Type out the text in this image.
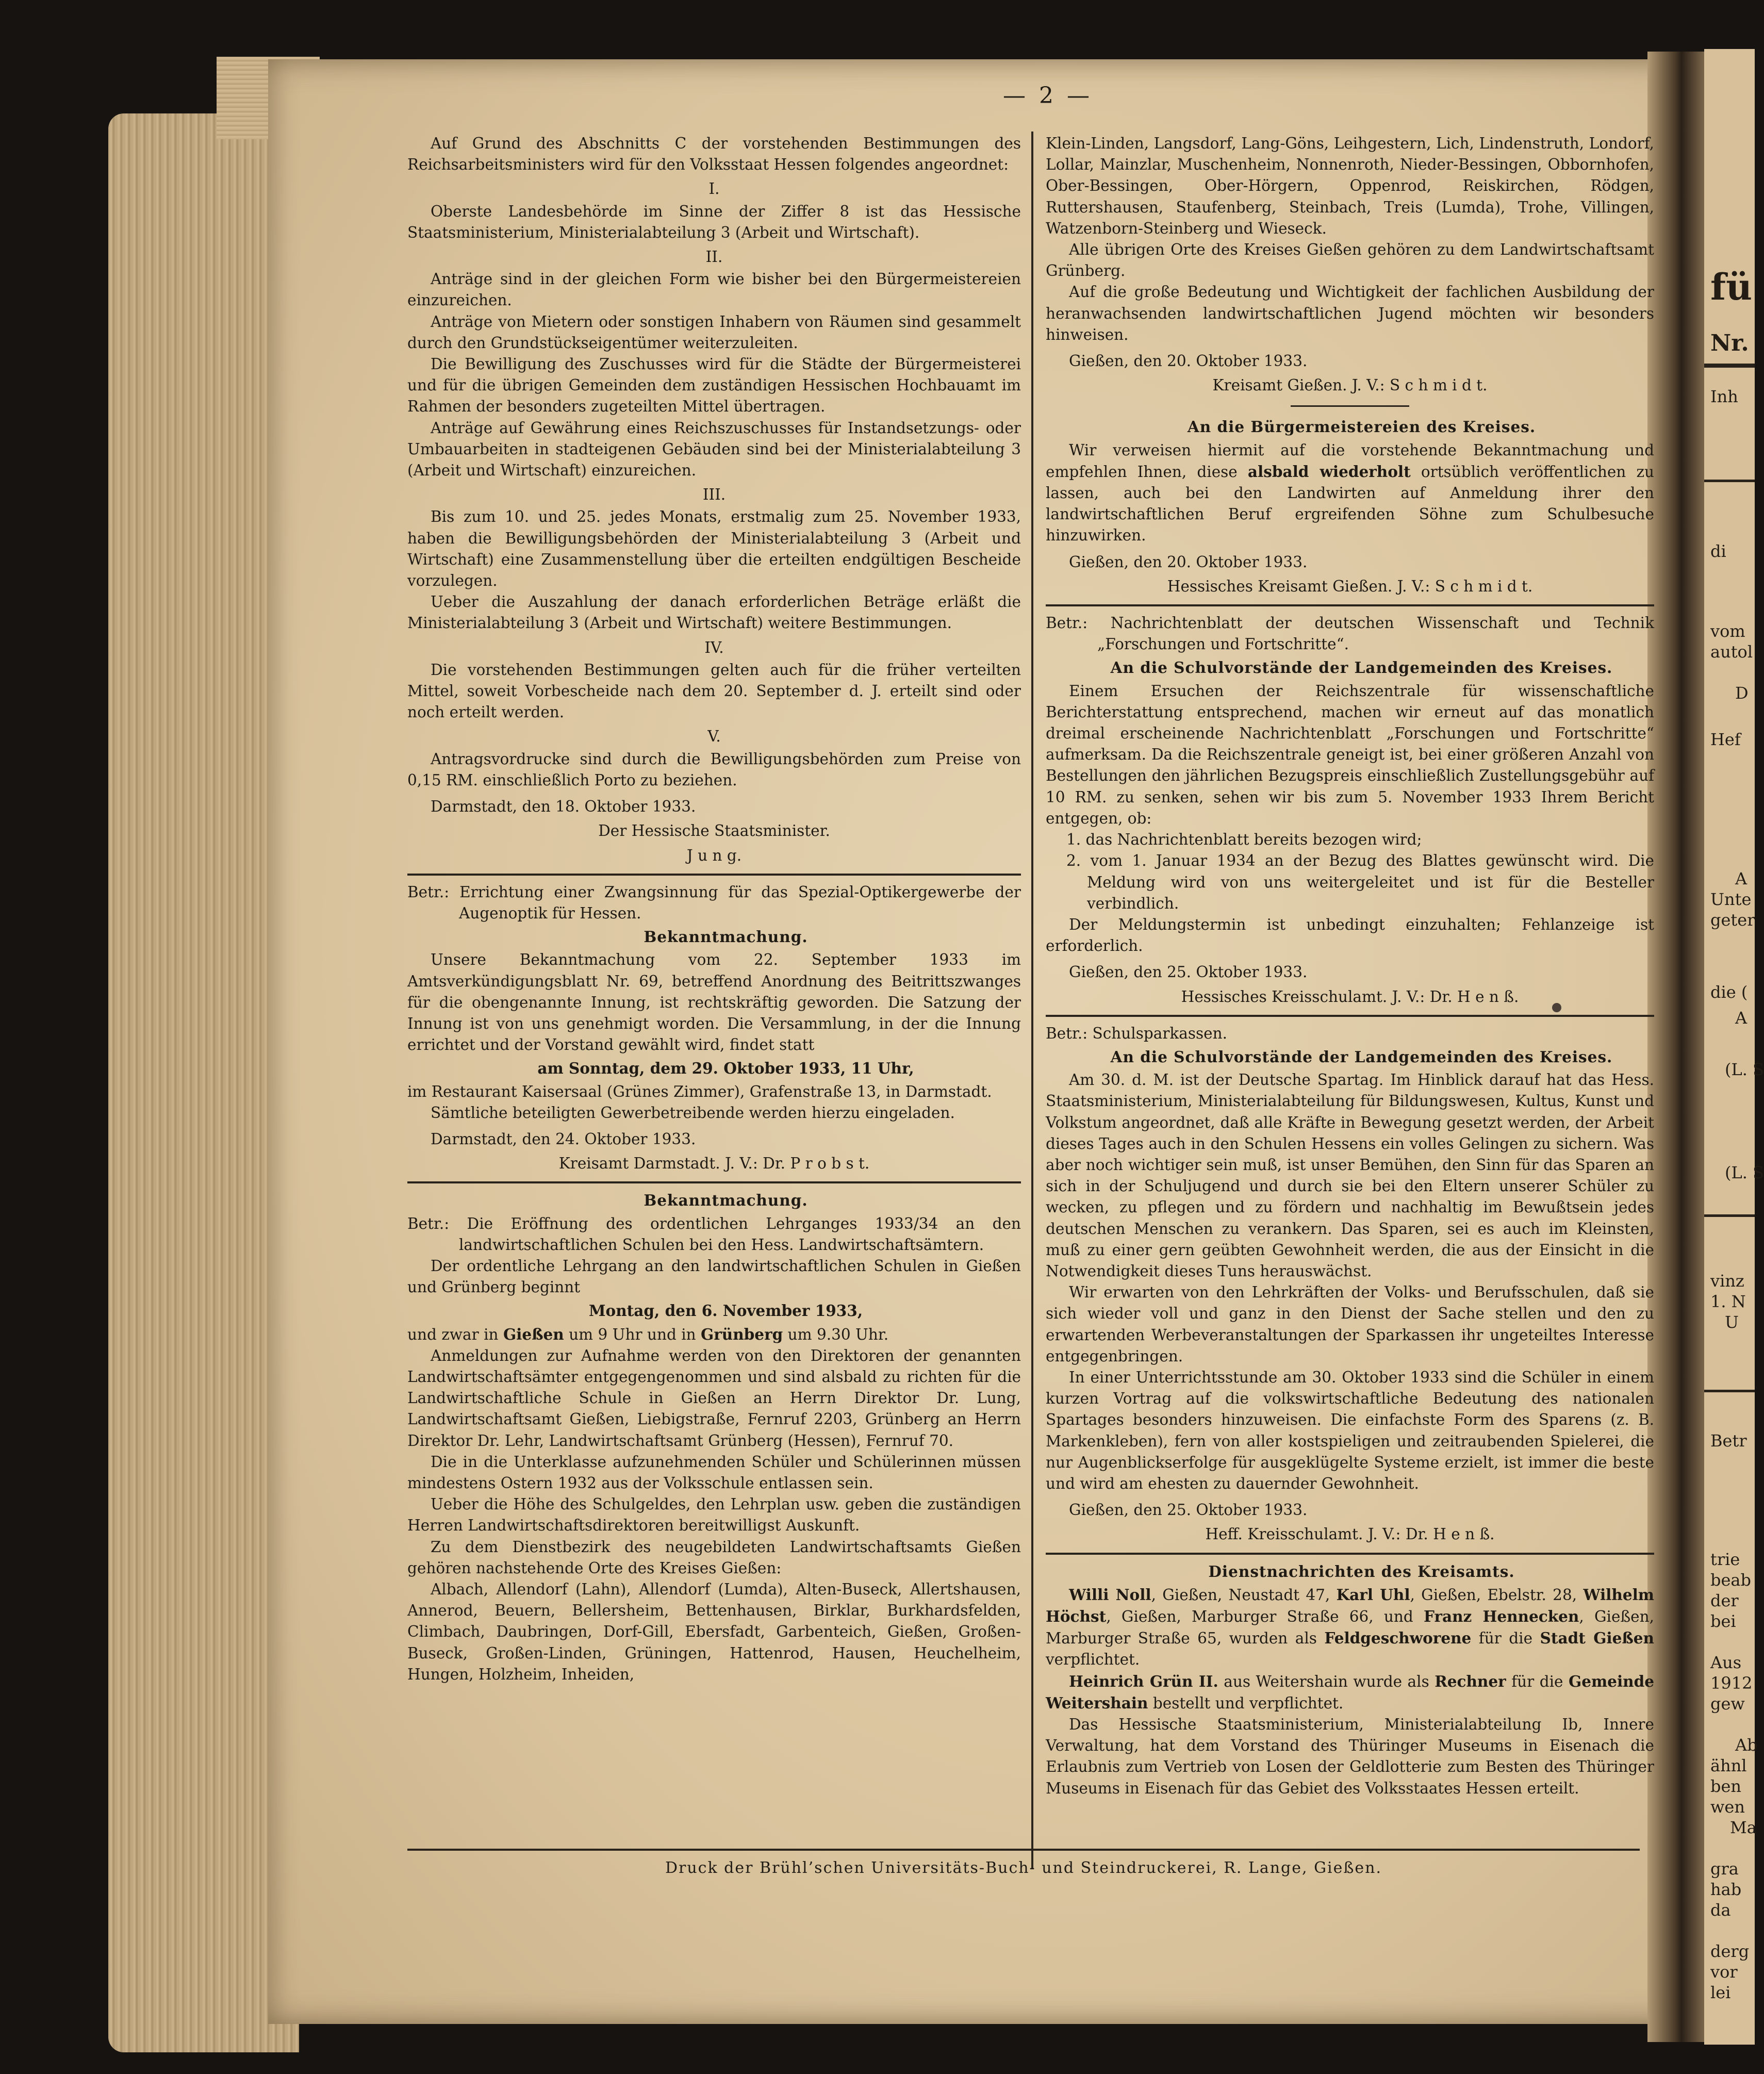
fü
Nr.
Inh
di
vom
autol
D
Hef
A
Unte
geter
die (
A
(L. S
(L. S
vinz
1. N
U
Betr
trie
beab
der
bei
Aus
1912
gew
Ab
ähnl
ben
wen
Ma
gra
hab
da
derg
vor
lei
— 2 —

Auf Grund des Abschnitts C der vorstehenden Bestimmungen des Reichsarbeitsministers wird für den Volksstaat Hessen folgendes angeordnet:

I.

Oberste Landesbehörde im Sinne der Ziffer 8 ist das Hessische Staatsministerium, Ministerialabteilung 3 (Arbeit und Wirtschaft).

II.

Anträge sind in der gleichen Form wie bisher bei den Bürgermeistereien einzureichen.

Anträge von Mietern oder sonstigen Inhabern von Räumen sind gesammelt durch den Grundstückseigentümer weiterzuleiten.

Die Bewilligung des Zuschusses wird für die Städte der Bürgermeisterei und für die übrigen Gemeinden dem zuständigen Hessischen Hochbauamt im Rahmen der besonders zugeteilten Mittel übertragen.

Anträge auf Gewährung eines Reichszuschusses für Instandsetzungs- oder Umbauarbeiten in stadteigenen Gebäuden sind bei der Ministerialabteilung 3 (Arbeit und Wirtschaft) einzureichen.

III.

Bis zum 10. und 25. jedes Monats, erstmalig zum 25. November 1933, haben die Bewilligungsbehörden der Ministerialabteilung 3 (Arbeit und Wirtschaft) eine Zusammenstellung über die erteilten endgültigen Bescheide vorzulegen.

Ueber die Auszahlung der danach erforderlichen Beträge erläßt die Ministerialabteilung 3 (Arbeit und Wirtschaft) weitere Bestimmungen.

IV.

Die vorstehenden Bestimmungen gelten auch für die früher verteilten Mittel, soweit Vorbescheide nach dem 20. September d. J. erteilt sind oder noch erteilt werden.

V.

Antragsvordrucke sind durch die Bewilligungsbehörden zum Preise von 0,15 RM. einschließlich Porto zu beziehen.

Darmstadt, den 18. Oktober 1933.

Der Hessische Staatsminister.

J u n g.

Betr.: Errichtung einer Zwangsinnung für das Spezial-Optikergewerbe der Augenoptik für Hessen.

Bekanntmachung.

Unsere Bekanntmachung vom 22. September 1933 im Amtsverkündigungsblatt Nr. 69, betreffend Anordnung des Beitrittszwanges für die obengenannte Innung, ist rechtskräftig geworden. Die Satzung der Innung ist von uns genehmigt worden. Die Versammlung, in der die Innung errichtet und der Vorstand gewählt wird, findet statt

am Sonntag, dem 29. Oktober 1933, 11 Uhr,

im Restaurant Kaisersaal (Grünes Zimmer), Grafenstraße 13, in Darmstadt.

Sämtliche beteiligten Gewerbetreibende werden hierzu eingeladen.

Darmstadt, den 24. Oktober 1933.

Kreisamt Darmstadt. J. V.: Dr. P r o b s t.

Bekanntmachung.

Betr.: Die Eröffnung des ordentlichen Lehrganges 1933/34 an den landwirtschaftlichen Schulen bei den Hess. Landwirtschaftsämtern.

Der ordentliche Lehrgang an den landwirtschaftlichen Schulen in Gießen und Grünberg beginnt

Montag, den 6. November 1933,

und zwar in Gießen um 9 Uhr und in Grünberg um 9.30 Uhr.

Anmeldungen zur Aufnahme werden von den Direktoren der genannten Landwirtschaftsämter entgegengenommen und sind alsbald zu richten für die Landwirtschaftliche Schule in Gießen an Herrn Direktor Dr. Lung, Landwirtschaftsamt Gießen, Liebigstraße, Fernruf 2203, Grünberg an Herrn Direktor Dr. Lehr, Landwirtschaftsamt Grünberg (Hessen), Fernruf 70.

Die in die Unterklasse aufzunehmenden Schüler und Schülerinnen müssen mindestens Ostern 1932 aus der Volksschule entlassen sein.

Ueber die Höhe des Schulgeldes, den Lehrplan usw. geben die zuständigen Herren Landwirtschaftsdirektoren bereitwilligst Auskunft.

Zu dem Dienstbezirk des neugebildeten Landwirtschaftsamts Gießen gehören nachstehende Orte des Kreises Gießen:

Albach, Allendorf (Lahn), Allendorf (Lumda), Alten-Buseck, Allertshausen, Annerod, Beuern, Bellersheim, Bettenhausen, Birklar, Burkhardsfelden, Climbach, Daubringen, Dorf-Gill, Ebersfadt, Garbenteich, Gießen, Großen-Buseck, Großen-Linden, Grüningen, Hattenrod, Hausen, Heuchelheim, Hungen, Holzheim, Inheiden,

Klein-Linden, Langsdorf, Lang-Göns, Leihgestern, Lich, Lindenstruth, Londorf, Lollar, Mainzlar, Muschenheim, Nonnenroth, Nieder-Bessingen, Obbornhofen, Ober-Bessingen, Ober-Hörgern, Oppenrod, Reiskirchen, Rödgen, Ruttershausen, Staufenberg, Steinbach, Treis (Lumda), Trohe, Villingen, Watzenborn-Steinberg und Wieseck.

Alle übrigen Orte des Kreises Gießen gehören zu dem Landwirtschaftsamt Grünberg.

Auf die große Bedeutung und Wichtigkeit der fachlichen Ausbildung der heranwachsenden landwirtschaftlichen Jugend möchten wir besonders hinweisen.

Gießen, den 20. Oktober 1933.

Kreisamt Gießen. J. V.: S c h m i d t.

An die Bürgermeistereien des Kreises.

Wir verweisen hiermit auf die vorstehende Bekanntmachung und empfehlen Ihnen, diese alsbald wiederholt ortsüblich veröffentlichen zu lassen, auch bei den Landwirten auf Anmeldung ihrer den landwirtschaftlichen Beruf ergreifenden Söhne zum Schulbesuche hinzuwirken.

Gießen, den 20. Oktober 1933.

Hessisches Kreisamt Gießen. J. V.: S c h m i d t.

Betr.: Nachrichtenblatt der deutschen Wissenschaft und Technik „Forschungen und Fortschritte“.

An die Schulvorstände der Landgemeinden des Kreises.

Einem Ersuchen der Reichszentrale für wissenschaftliche Berichterstattung entsprechend, machen wir erneut auf das monatlich dreimal erscheinende Nachrichtenblatt „Forschungen und Fortschritte“ aufmerksam. Da die Reichszentrale geneigt ist, bei einer größeren Anzahl von Bestellungen den jährlichen Bezugspreis einschließlich Zustellungsgebühr auf 10 RM. zu senken, sehen wir bis zum 5. November 1933 Ihrem Bericht entgegen, ob:

1. das Nachrichtenblatt bereits bezogen wird;

2. vom 1. Januar 1934 an der Bezug des Blattes gewünscht wird. Die Meldung wird von uns weitergeleitet und ist für die Besteller verbindlich.

Der Meldungstermin ist unbedingt einzuhalten; Fehlanzeige ist erforderlich.

Gießen, den 25. Oktober 1933.

Hessisches Kreisschulamt. J. V.: Dr. H e n ß.

Betr.: Schulsparkassen.

An die Schulvorstände der Landgemeinden des Kreises.

Am 30. d. M. ist der Deutsche Spartag. Im Hinblick darauf hat das Hess. Staatsministerium, Ministerialabteilung für Bildungswesen, Kultus, Kunst und Volkstum angeordnet, daß alle Kräfte in Bewegung gesetzt werden, der Arbeit dieses Tages auch in den Schulen Hessens ein volles Gelingen zu sichern. Was aber noch wichtiger sein muß, ist unser Bemühen, den Sinn für das Sparen an sich in der Schuljugend und durch sie bei den Eltern unserer Schüler zu wecken, zu pflegen und zu fördern und nachhaltig im Bewußtsein jedes deutschen Menschen zu verankern. Das Sparen, sei es auch im Kleinsten, muß zu einer gern geübten Gewohnheit werden, die aus der Einsicht in die Notwendigkeit dieses Tuns herauswächst.

Wir erwarten von den Lehrkräften der Volks- und Berufsschulen, daß sie sich wieder voll und ganz in den Dienst der Sache stellen und den zu erwartenden Werbeveranstaltungen der Sparkassen ihr ungeteiltes Interesse entgegenbringen.

In einer Unterrichtsstunde am 30. Oktober 1933 sind die Schüler in einem kurzen Vortrag auf die volkswirtschaftliche Bedeutung des nationalen Spartages besonders hinzuweisen. Die einfachste Form des Sparens (z. B. Markenkleben), fern von aller kostspieligen und zeitraubenden Spielerei, die nur Augenblickserfolge für ausgeklügelte Systeme erzielt, ist immer die beste und wird am ehesten zu dauernder Gewohnheit.

Gießen, den 25. Oktober 1933.

Heff. Kreisschulamt. J. V.: Dr. H e n ß.

Dienstnachrichten des Kreisamts.

Willi Noll, Gießen, Neustadt 47, Karl Uhl, Gießen, Ebelstr. 28, Wilhelm Höchst, Gießen, Marburger Straße 66, und Franz Hennecken, Gießen, Marburger Straße 65, wurden als Feldgeschworene für die Stadt Gießen verpflichtet.

Heinrich Grün II. aus Weitershain wurde als Rechner für die Gemeinde Weitershain bestellt und verpflichtet.

Das Hessische Staatsministerium, Ministerialabteilung Ib, Innere Verwaltung, hat dem Vorstand des Thüringer Museums in Eisenach die Erlaubnis zum Vertrieb von Losen der Geldlotterie zum Besten des Thüringer Museums in Eisenach für das Gebiet des Volksstaates Hessen erteilt.

Druck der Brühl’schen Universitäts-Buch- und Steindruckerei, R. Lange, Gießen.
